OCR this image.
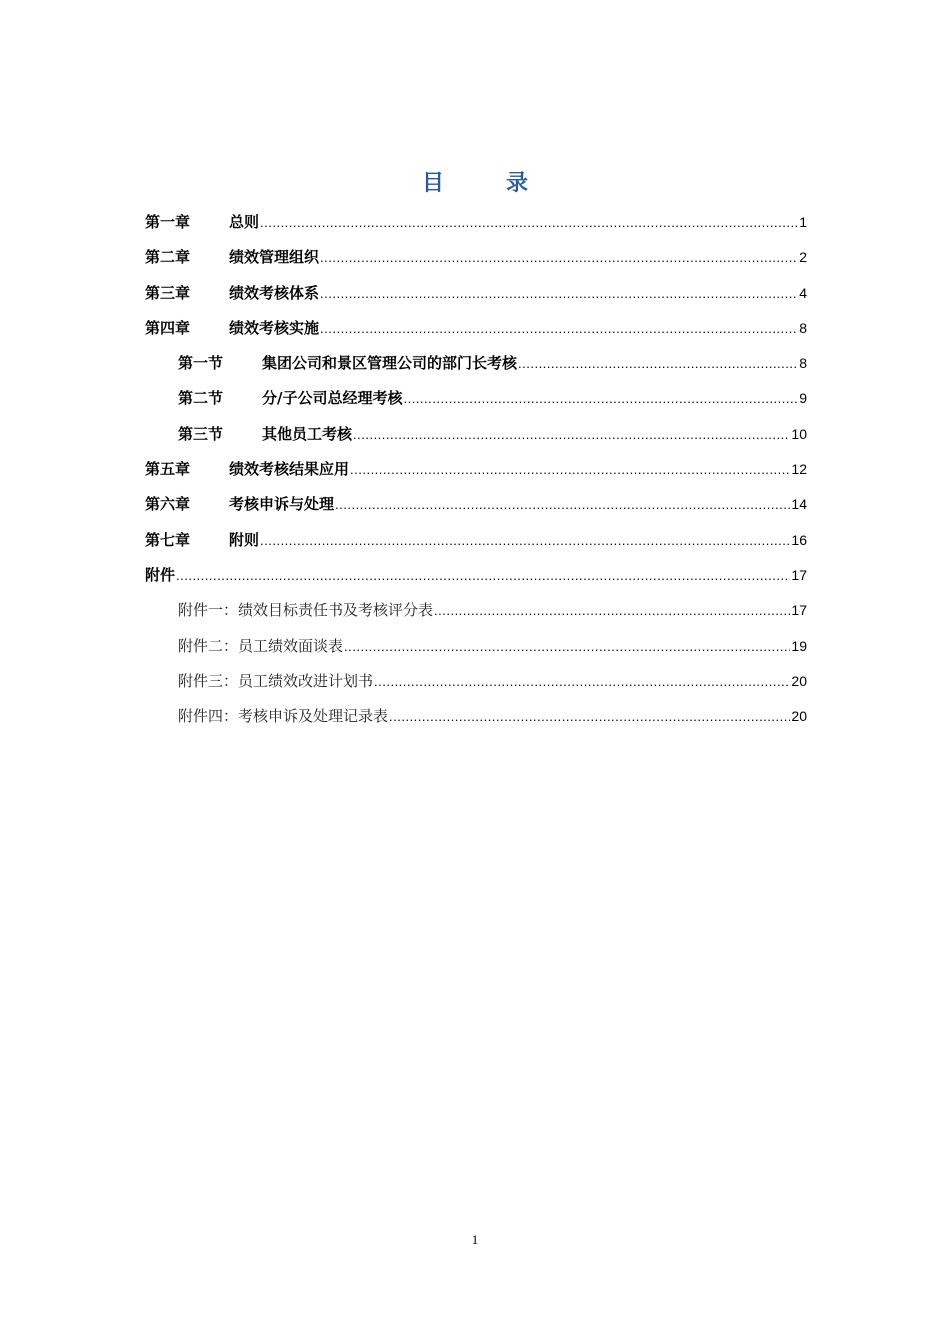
目	录
第一章	总则 .....	1
第二章	绩效管理组织 .....	2
第三章	绩效考核体系 .....	4
第四章	绩效考核实施 .....	8
第一节	集团公司和景区管理公司的部门长考核 .....	8
第二节	分/子公司总经理考核 .....	9
第三节	其他员工考核 .....	10
第五章	绩效考核结果应用 .....	12
第六章	考核申诉与处理 .....	14
第七章	附则 .....	16
附件 .....	17
附件一：绩效目标责任书及考核评分表 .....	17
附件二：员工绩效面谈表 .....	19
附件三：员工绩效改进计划书 .....	20
附件四：考核申诉及处理记录表 .....	20
1
